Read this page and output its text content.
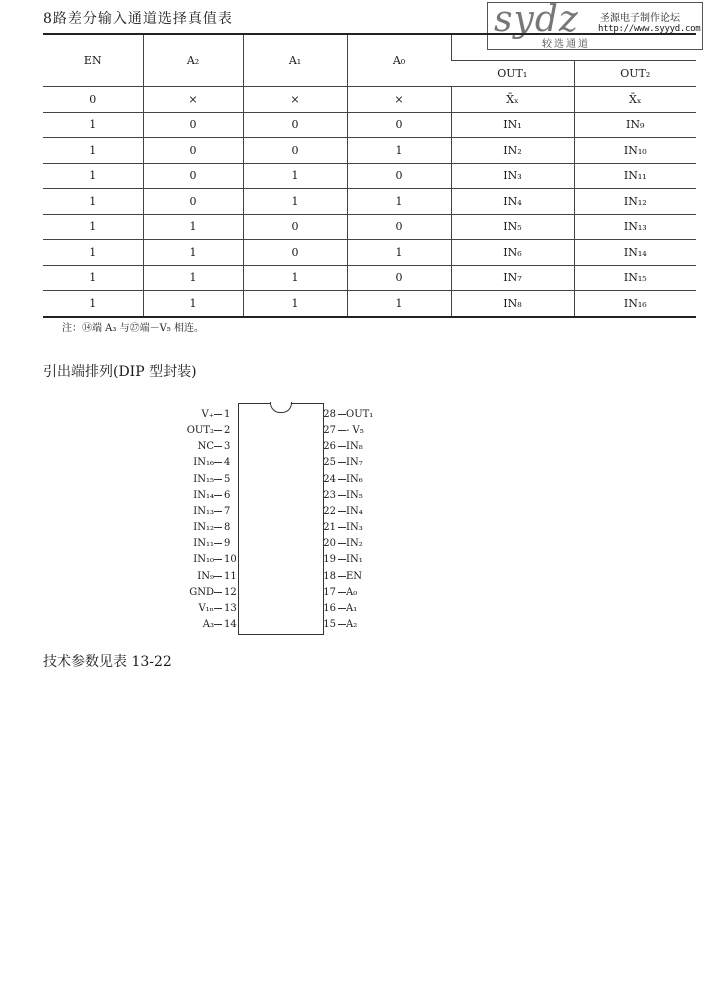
8路差分输入通道选择真值表	sydz 圣源电子制作论坛
http://www.syyyd.com
较选通道
EN	A₂	A₁	A₀		
				OUT₁	OUT₂
0	×	×	×	X̄ₓ	X̄ₓ
1	0	0	0	IN₁	IN₉
1	0	0	1	IN₂	IN₁₀
1	0	1	0	IN₃	IN₁₁
1	0	1	1	IN₄	IN₁₂
1	1	0	0	IN₅	IN₁₃
1	1	0	1	IN₆	IN₁₄
1	1	1	0	IN₇	IN₁₅
1	1	1	1	IN₈	IN₁₆
注：⑭端 A₃ 与㉗端－V₅ 相连。
引出端排列(DIP 型封装)
V₊ 1
OUT₂ 2
NC 3
IN₁₆ 4
IN₁₅ 5
IN₁₄ 6
IN₁₃ 7
IN₁₂ 8
IN₁₁ 9
IN₁₀ 10
IN₉ 11
GND 12
V₁ₙ 13
A₃ 14
28 OUT₁
27 - V₅
26 IN₈
25 IN₇
24 IN₆
23 IN₅
22 IN₄
21 IN₃
20 IN₂
19 IN₁
18 EN
17 A₀
16 A₁
15 A₂
技术参数见表 13-22
